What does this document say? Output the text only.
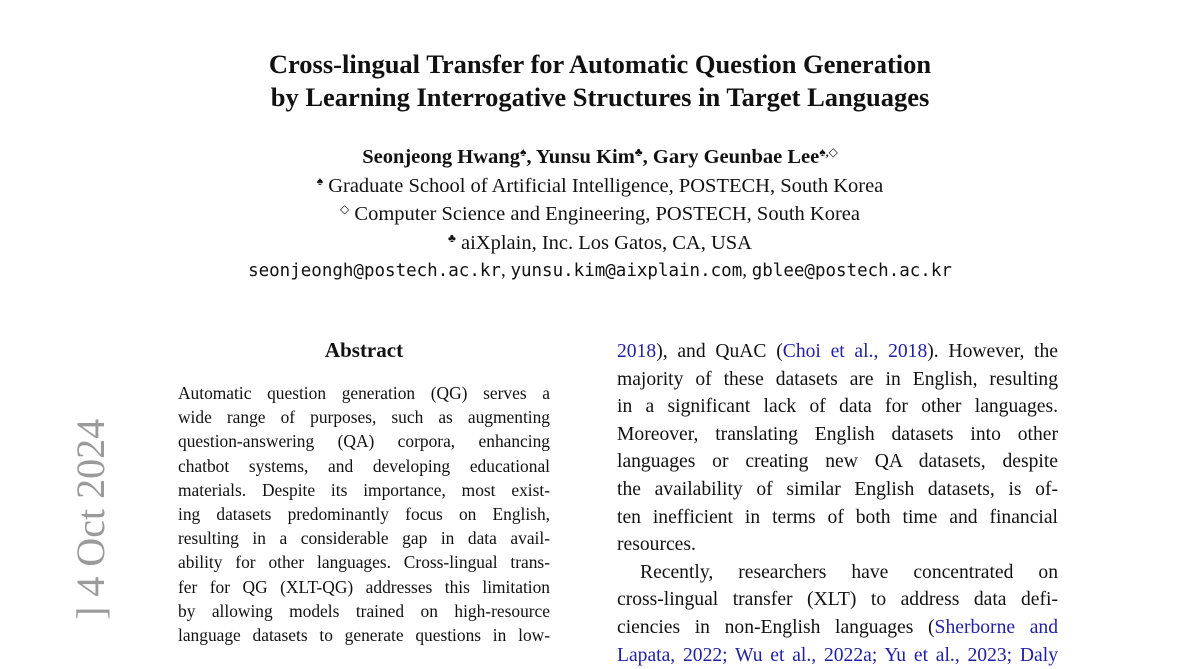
Cross-lingual Transfer for Automatic Question Generation
by Learning Interrogative Structures in Target Languages
Seonjeong Hwang♠, Yunsu Kim♣, Gary Geunbae Lee♠,◇
♠ Graduate School of Artificial Intelligence, POSTECH, South Korea
◇ Computer Science and Engineering, POSTECH, South Korea
♣ aiXplain, Inc. Los Gatos, CA, USA
seonjeongh@postech.ac.kr, yunsu.kim@aixplain.com, gblee@postech.ac.kr
] 4 Oct 2024
Abstract
Automatic question generation (QG) serves a
wide range of purposes, such as augmenting
question-answering (QA) corpora, enhancing
chatbot systems, and developing educational
materials. Despite its importance, most exist-
ing datasets predominantly focus on English,
resulting in a considerable gap in data avail-
ability for other languages. Cross-lingual trans-
fer for QG (XLT-QG) addresses this limitation
by allowing models trained on high-resource
language datasets to generate questions in low-
2018), and QuAC (Choi et al., 2018). However, the
majority of these datasets are in English, resulting
in a significant lack of data for other languages.
Moreover, translating English datasets into other
languages or creating new QA datasets, despite
the availability of similar English datasets, is of-
ten inefficient in terms of both time and financial
resources.
Recently, researchers have concentrated on
cross-lingual transfer (XLT) to address data defi-
ciencies in non-English languages (Sherborne and
Lapata, 2022; Wu et al., 2022a; Yu et al., 2023; Daly
